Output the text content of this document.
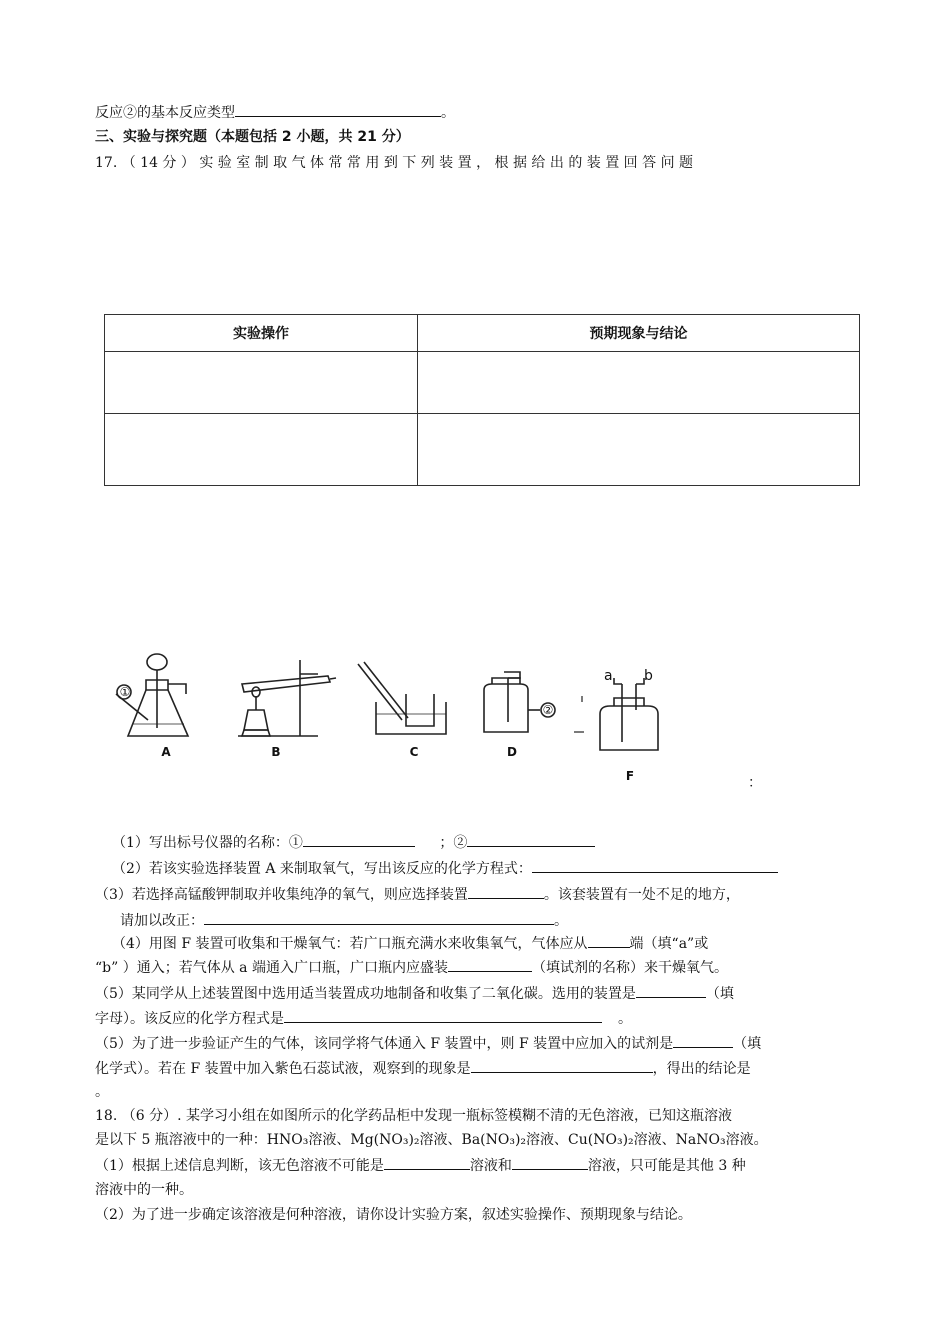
反应②的基本反应类型	。
三、实验与探究题（本题包括 2 小题，共 21 分）
17. （ 14 分 ） 实 验 室 制 取 气 体 常 常 用 到 下 列 装 置 ， 根 据 给 出 的 装 置 回 答 问 题
实验操作	预期现象与结论

①
②
a b
A	B	C	D
F	：
（1）写出标号仪器的名称：①	；②
（2）若该实验选择装置 A 来制取氧气，写出该反应的化学方程式：
（3）若选择高锰酸钾制取并收集纯净的氧气，则应选择装置	。该套装置有一处不足的地方，
请加以改正：	。
（4）用图 F 装置可收集和干燥氧气：若广口瓶充满水来收集氧气，气体应从	端（填“a”或
“b” ）通入；若气体从 a 端通入广口瓶，广口瓶内应盛装	（填试剂的名称）来干燥氧气。
（5）某同学从上述装置图中选用适当装置成功地制备和收集了二氧化碳。选用的装置是	（填
字母）。该反应的化学方程式是	。
（5）为了进一步验证产生的气体，该同学将气体通入 F 装置中，则 F 装置中应加入的试剂是	（填
化学式）。若在 F 装置中加入紫色石蕊试液，观察到的现象是	，得出的结论是
。
18. （6 分）. 某学习小组在如图所示的化学药品柜中发现一瓶标签模糊不清的无色溶液，已知这瓶溶液
是以下 5 瓶溶液中的一种：HNO₃溶液、Mg(NO₃)₂溶液、Ba(NO₃)₂溶液、Cu(NO₃)₂溶液、NaNO₃溶液。
（1）根据上述信息判断，该无色溶液不可能是	溶液和	溶液，只可能是其他 3 种
溶液中的一种。
（2）为了进一步确定该溶液是何种溶液，请你设计实验方案，叙述实验操作、预期现象与结论。
